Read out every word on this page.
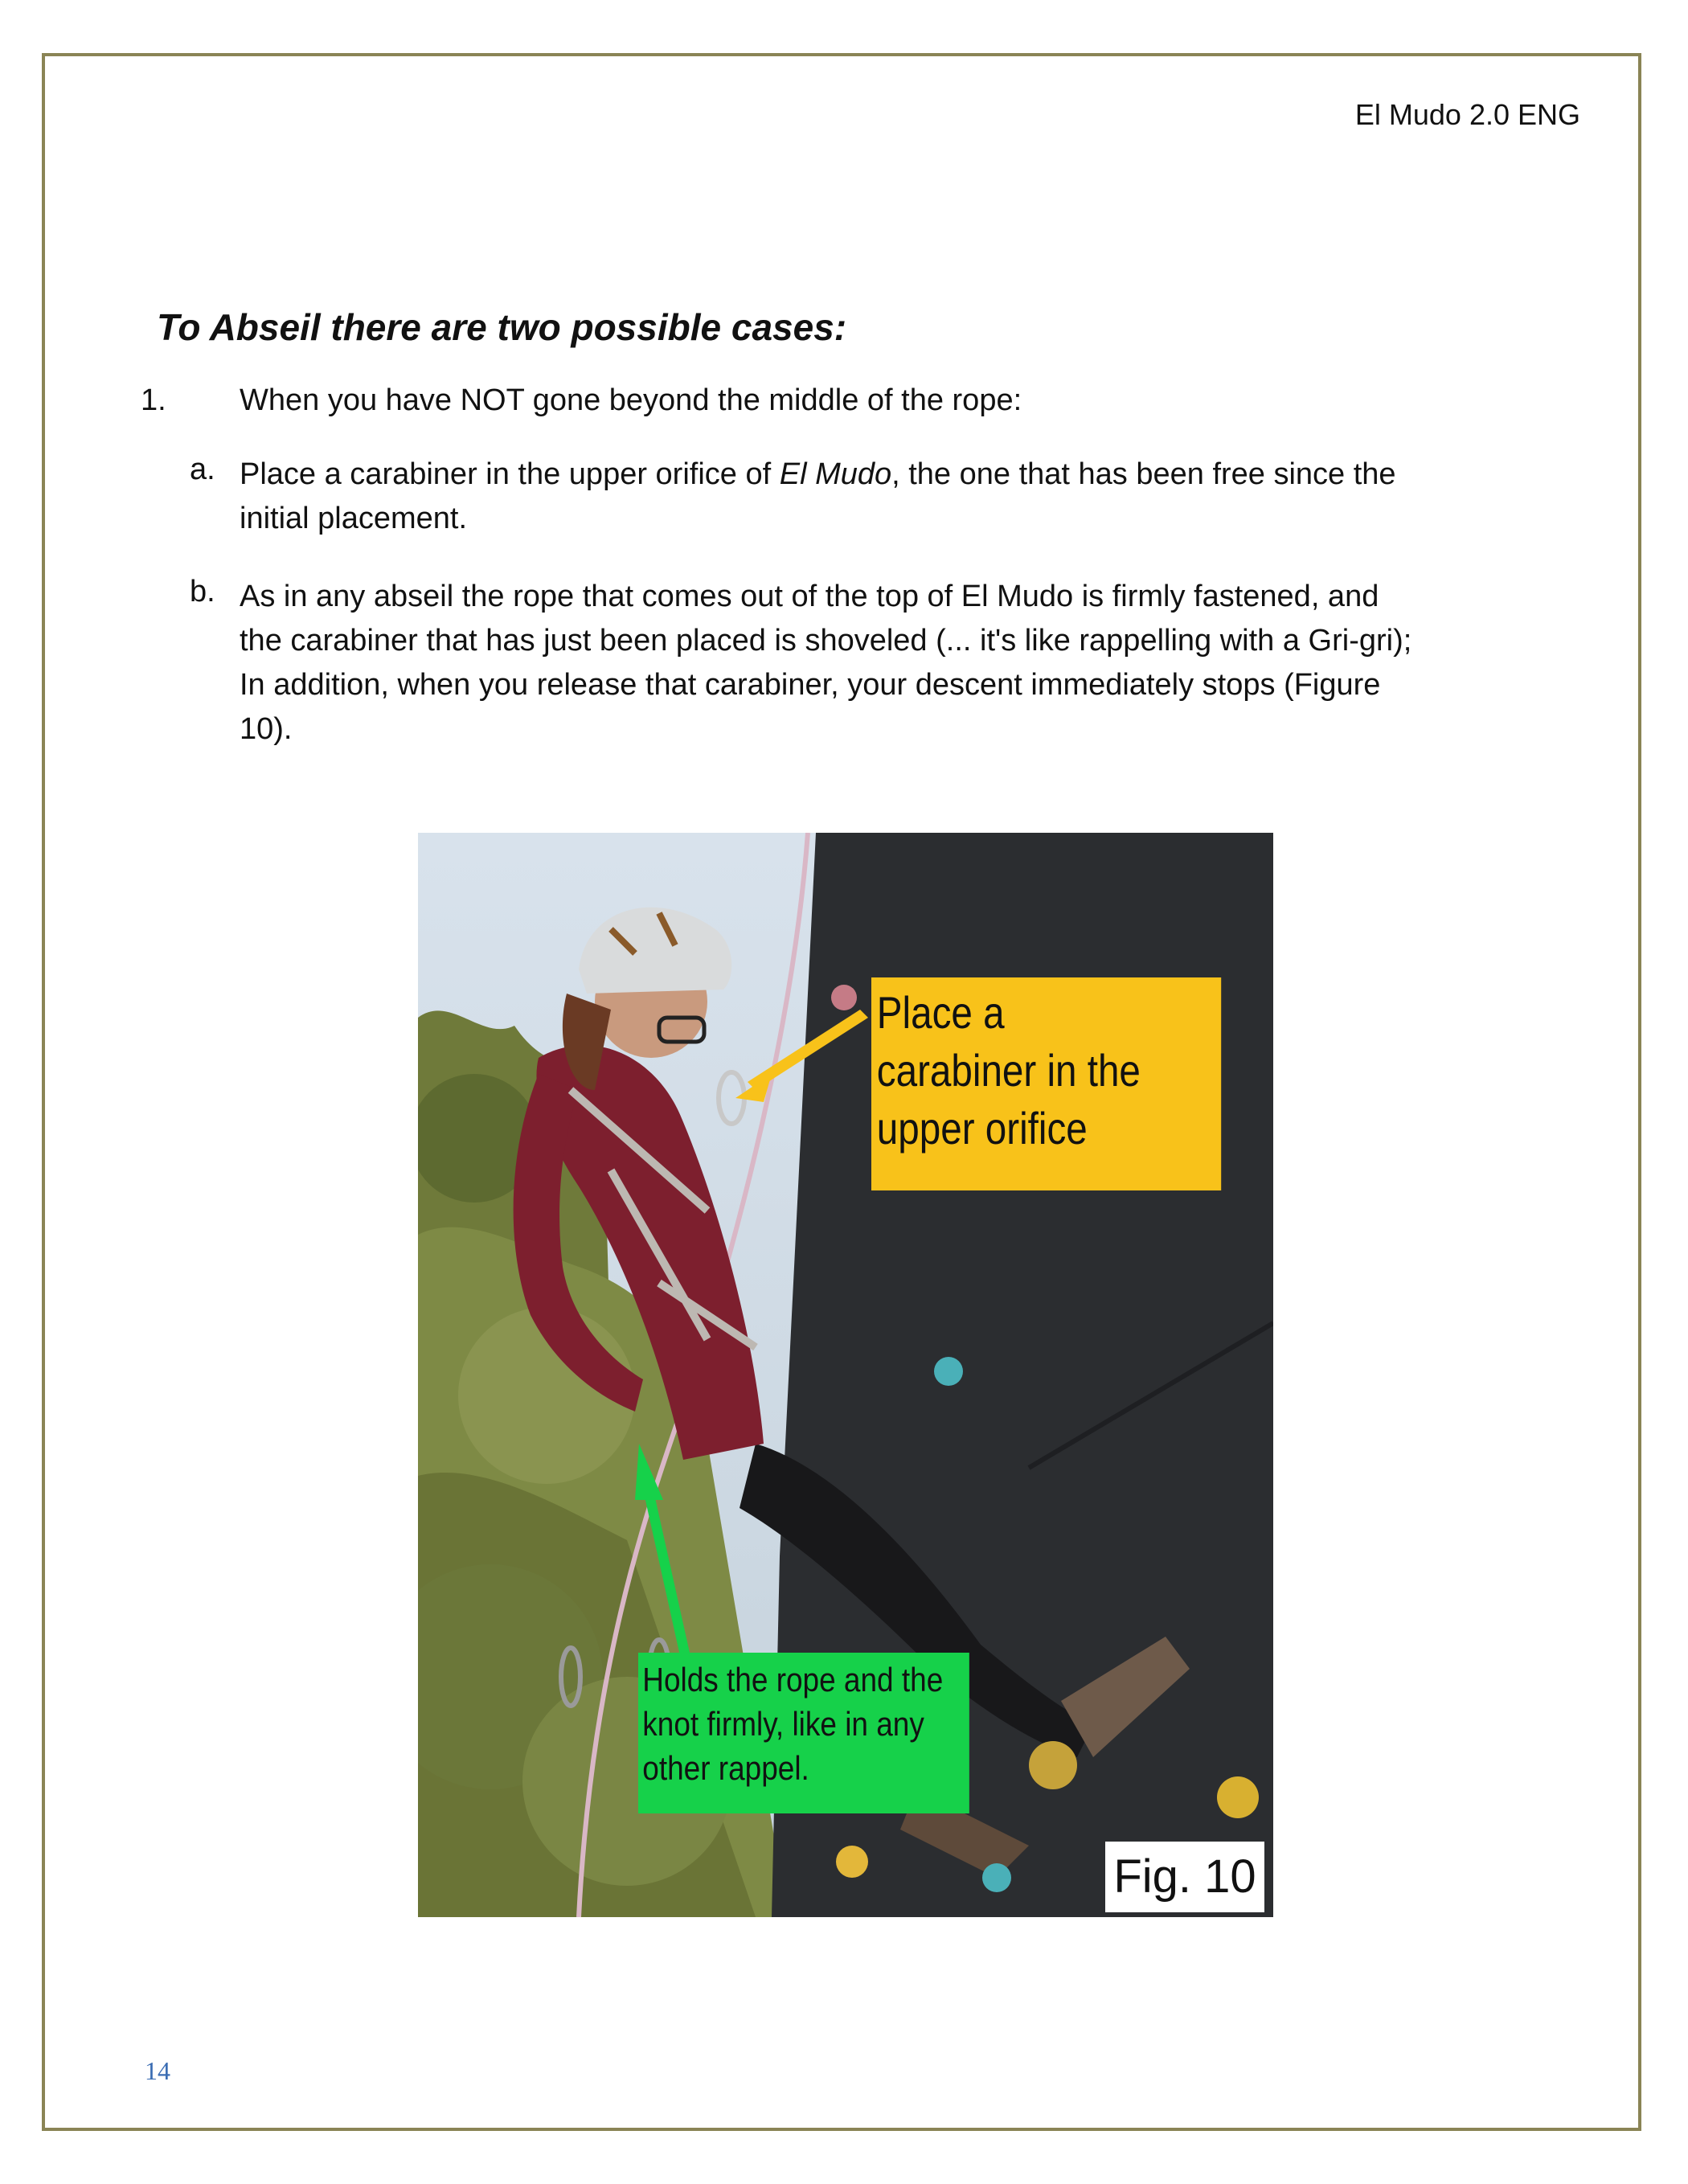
El Mudo 2.0 ENG
To Abseil there are two possible cases:
1. When you have NOT gone beyond the middle of the rope:
a. Place a carabiner in the upper orifice of El Mudo, the one that has been free since the
initial placement.
b. As in any abseil the rope that comes out of the top of El Mudo is firmly fastened, and
the carabiner that has just been placed is shoveled (... it's like rappelling with a Gri-gri);
In addition, when you release that carabiner, your descent immediately stops (Figure
10).
Place a
carabiner in the
upper orifice
Holds the rope and the
knot firmly, like in any
other rappel.
Fig. 10
14
